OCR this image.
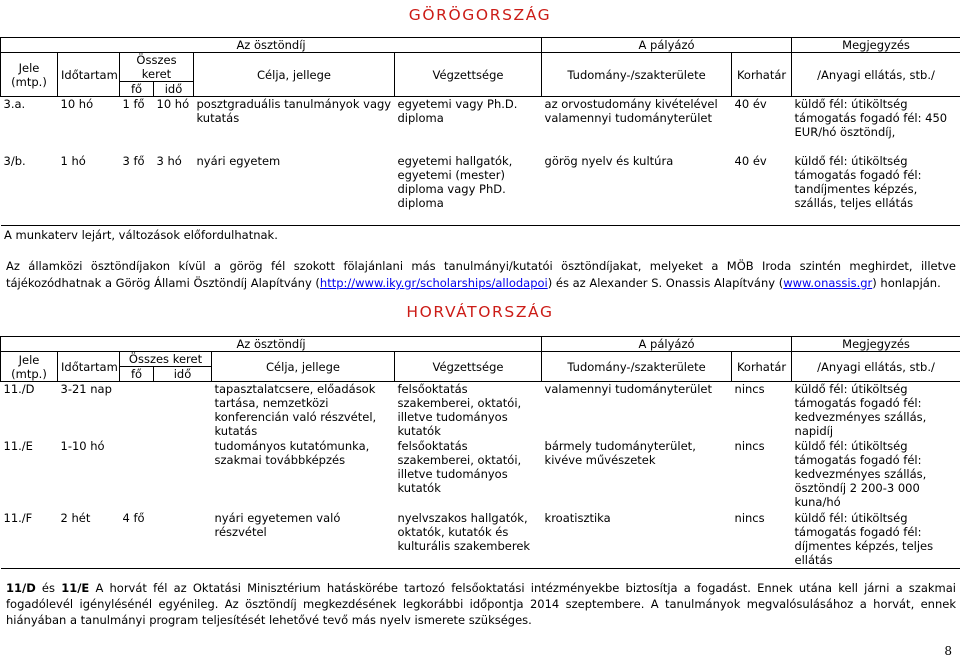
GÖRÖGORSZÁG
Az ösztöndíj						A pályázó		Megjegyzés
Jele (mtp.)	Időtartam	Összes keret		Célja, jellege	Végzettsége	Tudomány-/szakterülete	Korhatár	/Anyagi ellátás, stb./
		fő	idő					
3.a.	10 hó	1 fő	10 hó	posztgraduális tanulmányok vagy kutatás	egyetemi vagy Ph.D. diploma	az orvostudomány kivételével valamennyi tudományterület	40 év	küldő fél: útiköltség támogatás fogadó fél: 450 EUR/hó ösztöndíj,
3/b.	1 hó	3 fő	3 hó	nyári egyetem	egyetemi hallgatók, egyetemi (mester) diploma vagy PhD. diploma	görög nyelv és kultúra	40 év	küldő fél: útiköltség támogatás fogadó fél: tandíjmentes képzés, szállás, teljes ellátás
A munkaterv lejárt, változások előfordulhatnak.
Az államközi ösztöndíjakon kívül a görög fél szokott fölajánlani más tanulmányi/kutatói ösztöndíjakat, melyeket a MÖB Iroda szintén meghirdet, illetve tájékozódhatnak a Görög Állami Ösztöndíj Alapítvány (http://www.iky.gr/scholarships/allodapoi) és az Alexander S. Onassis Alapítvány (www.onassis.gr) honlapján.
HORVÁTORSZÁG
Az ösztöndíj						A pályázó		Megjegyzés
Jele (mtp.)	Időtartam	Összes keret		Célja, jellege	Végzettsége	Tudomány-/szakterülete	Korhatár	/Anyagi ellátás, stb./
		fő	idő					
11./D	3-21 nap			tapasztalatcsere, előadások tartása, nemzetközi konferencián való részvétel, kutatás	felsőoktatás szakemberei, oktatói, illetve tudományos kutatók	valamennyi tudományterület	nincs	küldő fél: útiköltség támogatás fogadó fél: kedvezményes szállás, napidíj
11./E	1-10 hó			tudományos kutatómunka, szakmai továbbképzés	felsőoktatás szakemberei, oktatói, illetve tudományos kutatók	bármely tudományterület, kivéve művészetek	nincs	küldő fél: útiköltség támogatás fogadó fél: kedvezményes szállás, ösztöndíj 2 200-3 000 kuna/hó
11./F	2 hét	4 fő		nyári egyetemen való részvétel	nyelvszakos hallgatók, oktatók, kutatók és kulturális szakemberek	kroatisztika	nincs	küldő fél: útiköltség támogatás fogadó fél: díjmentes képzés, teljes ellátás
11/D és 11/E A horvát fél az Oktatási Minisztérium hatáskörébe tartozó felsőoktatási intézményekbe biztosítja a fogadást. Ennek utána kell járni a szakmai fogadólevél igénylésénél egyénileg. Az ösztöndíj megkezdésének legkorábbi időpontja 2014 szeptembere. A tanulmányok megvalósulásához a horvát, ennek hiányában a tanulmányi program teljesítését lehetővé tevő más nyelv ismerete szükséges.
8
